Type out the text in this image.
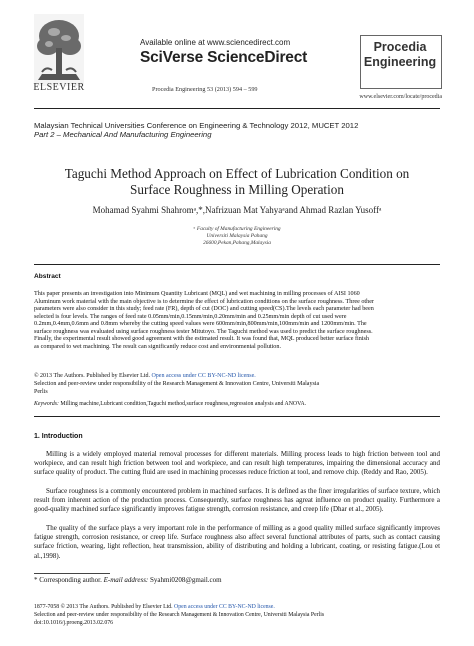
ELSEVIER
Available online at www.sciencedirect.com
SciVerse ScienceDirect
Procedia Engineering 53 (2013) 594 – 599
Procedia
Engineering
www.elsevier.com/locate/procedia
Malaysian Technical Universities Conference on Engineering & Technology 2012, MUCET 2012
Part 2 – Mechanical And Manufacturing Engineering
Taguchi Method Approach on Effect of Lubrication Condition on
Surface Roughness in Milling Operation
Mohamad Syahmi Shahromᵃ,*,Nafrizuan Mat Yahyaᵃand Ahmad Razlan Yusoffᵃ
ᵃ Faculty of Manufacturing Engineering
Universiti Malaysia Pahang
26600,Pekan,Pahang,Malaysia
Abstract
This paper presents an investigation into Minimum Quantity Lubricant (MQL) and wet machining in milling processes of AISI 1060
Aluminum work material with the main objective is to determine the effect of lubrication conditions on the surface roughness. Three other
parameters were also consider in this study; feed rate (FR), depth of cut (DOC) and cutting speed(CS).The levels each parameter had been
selected is four levels. The ranges of feed rate 0.05mm/min,0.15mm/min,0.20mm/min and 0.25mm/min depth of cut used were
0.2mm,0.4mm,0.6mm and 0.8mm whereby the cutting speed values were 600mm/min,800mm/min,100mm/min and 1200mm/min. The
surface roughness was evaluated using surface roughness tester Mitutoyo. The Taguchi method was used to predict the surface roughness.
Finally, the experimental result showed good agreement with the estimated result. It was found that, MQL produced better surface finish
as compared to wet machining. The result can significantly reduce cost and environmental pollution.
© 2013 The Authors. Published by Elsevier Ltd. Open access under CC BY-NC-ND license.
Selection and peer-review under responsibility of the Research Management & Innovation Centre, Universiti Malaysia
Perlis
Keywords: Milling machine,Lubricant condition,Taguchi method,surface roughness,regression analysis and ANOVA.
1. Introduction
Milling is a widely employed material removal processes for different materials. Milling process leads to high friction between tool and workpiece, and can result high friction between tool and workpiece, and can result high temperatures, impairing the dimensional accuracy and surface quality of product. The cutting fluid are used in machining processes reduce friction at tool, and remove chip. (Reddy and Rao, 2005).
Surface roughness is a commonly encountered problem in machined surfaces. It is defined as the finer irregularities of surface texture, which result from inherent action of the production process. Consequently, surface roughness has agreat influence on product quality. Furthermore a good-quality machined surface significantly improves fatigue strength, corrosion resistance, and creep life (Dhar et al., 2005).
The quality of the surface plays a very important role in the performance of milling as a good quality milled surface significantly improves fatigue strength, corrosion resistance, or creep life. Surface roughness also affect several functional attributes of parts, such as contact causing surface friction, wearing, light reflection, heat transmission, ability of distributing and holding a lubricant, coating, or resisting fatigue.(Lou et al.,1998).
* Corresponding author. E-mail address: Syahmi0208@gmail.com
1877-7058 © 2013 The Authors. Published by Elsevier Ltd. Open access under CC BY-NC-ND license.
Selection and peer-review under responsibility of the Research Management & Innovation Centre, Universiti Malaysia Perlis
doi:10.1016/j.proeng.2013.02.076
